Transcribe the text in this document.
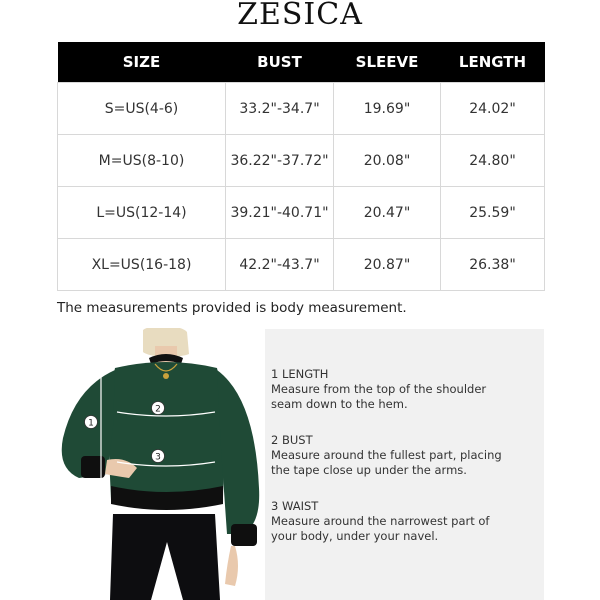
ZESICA
SIZE	BUST	SLEEVE	LENGTH
S=US(4-6)	33.2"-34.7"	19.69"	24.02"
M=US(8-10)	36.22"-37.72"	20.08"	24.80"
L=US(12-14)	39.21"-40.71"	20.47"	25.59"
XL=US(16-18)	42.2"-43.7"	20.87"	26.38"
The measurements provided is body measurement.
1
2
3
1 LENGTH
Measure from the top of the shoulder seam down to the hem.
2 BUST
Measure around the fullest part, placing the tape close up under the arms.
3 WAIST
Measure around the narrowest part of your body, under your navel.
